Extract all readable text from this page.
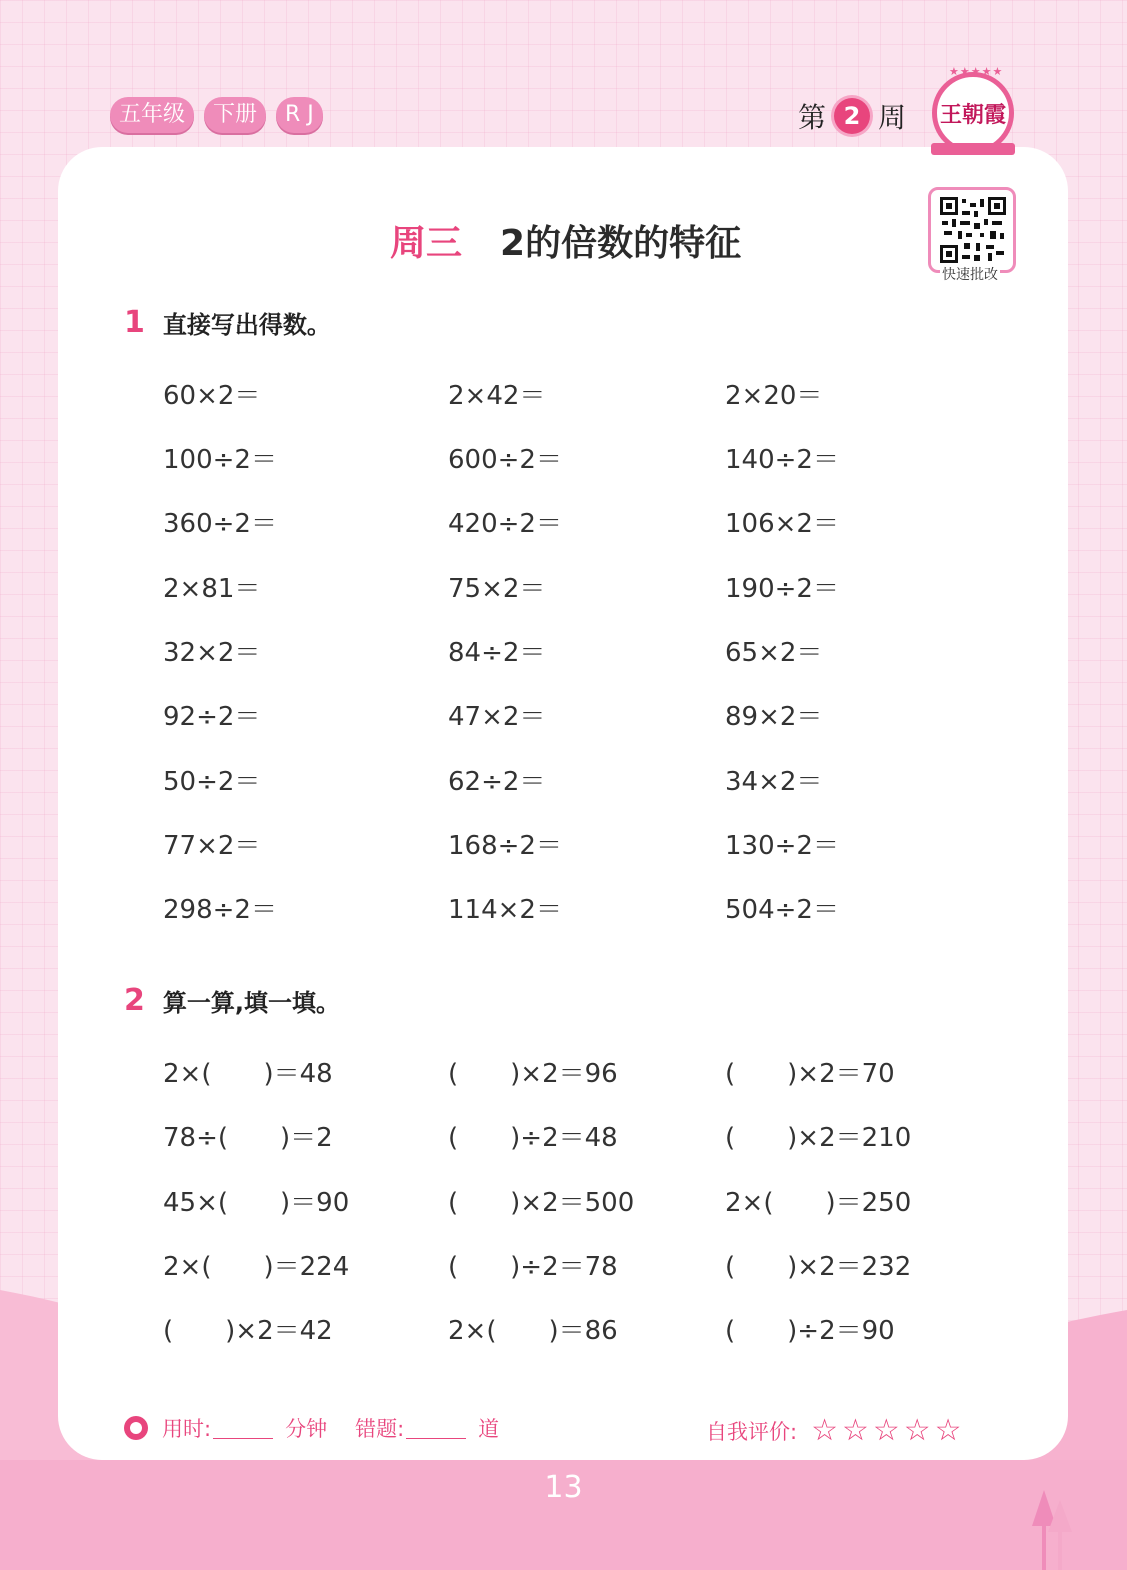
五年级	下册	R J	第 2 周
★★★★★
王朝霞
周三 2的倍数的特征
快速批改
1 直接写出得数。
60×2＝	2×42＝	2×20＝
100÷2＝	600÷2＝	140÷2＝
360÷2＝	420÷2＝	106×2＝
2×81＝	75×2＝	190÷2＝
32×2＝	84÷2＝	65×2＝
92÷2＝	47×2＝	89×2＝
50÷2＝	62÷2＝	34×2＝
77×2＝	168÷2＝	130÷2＝
298÷2＝	114×2＝	504÷2＝
2 算一算,填一填。
2×(　　)＝48	(　　)×2＝96	(　　)×2＝70
78÷(　　)＝2	(　　)÷2＝48	(　　)×2＝210
45×(　　)＝90	(　　)×2＝500	2×(　　)＝250
2×(　　)＝224	(　　)÷2＝78	(　　)×2＝232
(　　)×2＝42	2×(　　)＝86	(　　)÷2＝90
用时:	分钟 错题:	道	自我评价: ☆☆☆☆☆
13
